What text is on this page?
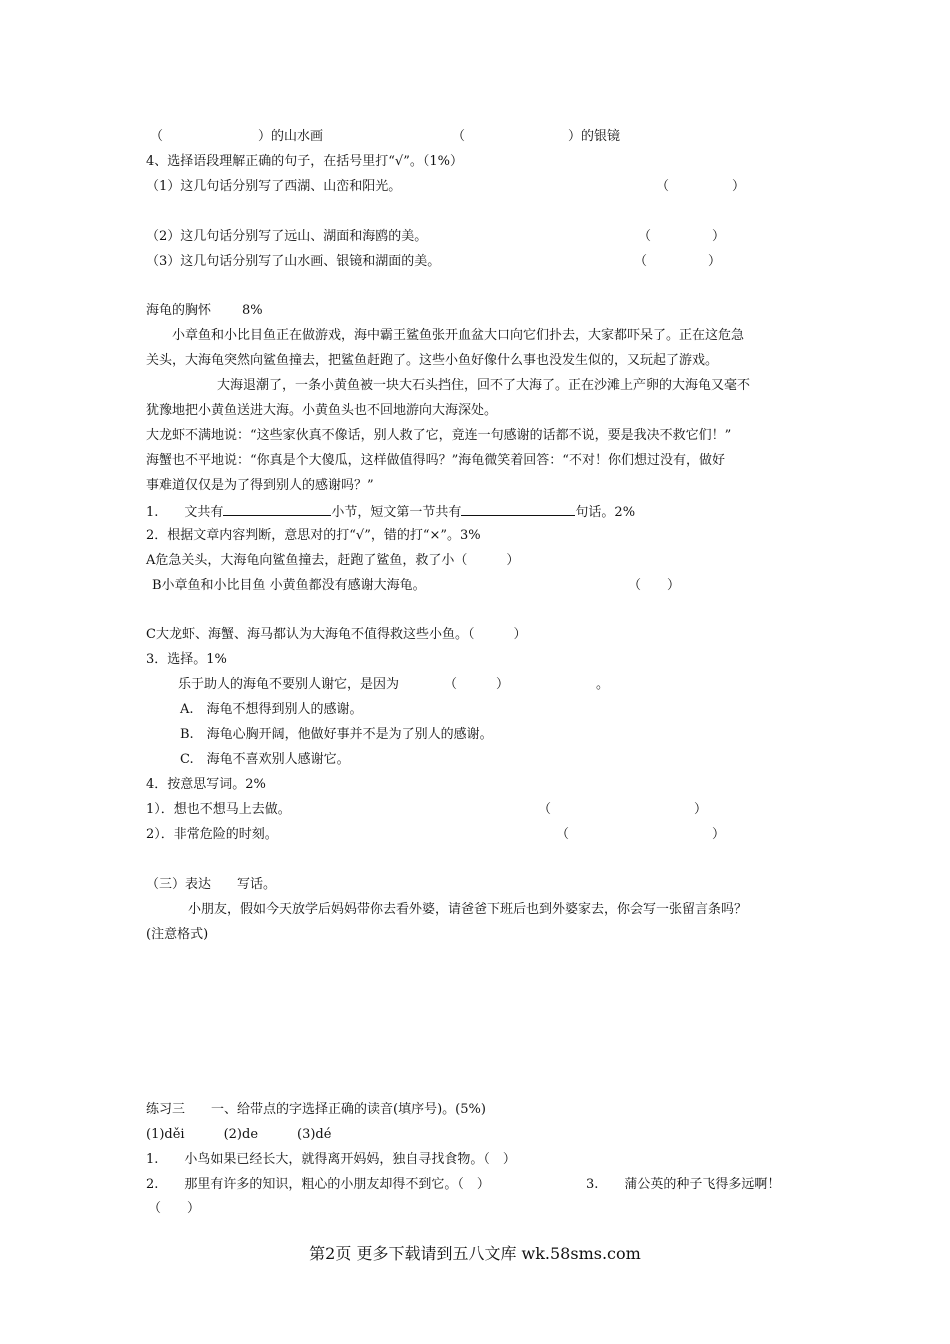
（	）的山水画	（	）的银镜
4、选择语段理解正确的句子，在括号里打“√”。（1%）
（1）这几句话分别写了西湖、山峦和阳光。	（	）
（2）这几句话分别写了远山、湖面和海鸥的美。	（	）
（3）这几句话分别写了山水画、银镜和湖面的美。	（	）
海龟的胸怀 8%
小章鱼和小比目鱼正在做游戏，海中霸王鲨鱼张开血盆大口向它们扑去，大家都吓呆了。正在这危急
关头，大海龟突然向鲨鱼撞去，把鲨鱼赶跑了。这些小鱼好像什么事也没发生似的，又玩起了游戏。
大海退潮了，一条小黄鱼被一块大石头挡住，回不了大海了。正在沙滩上产卵的大海龟又毫不
犹豫地把小黄鱼送进大海。小黄鱼头也不回地游向大海深处。
大龙虾不满地说：“这些家伙真不像话，别人救了它，竟连一句感谢的话都不说，要是我决不救它们！”
海蟹也不平地说：“你真是个大傻瓜，这样做值得吗？”海龟微笑着回答：“不对！你们想过没有，做好
事难道仅仅是为了得到别人的感谢吗？”
1.　　文共有	小节，短文第一节共有	句话。2%
2．根据文章内容判断，意思对的打“√”，错的打“×”。3%
A危急关头，大海龟向鲨鱼撞去，赶跑了鲨鱼，救了小（　　　）
B小章鱼和小比目鱼 小黄鱼都没有感谢大海龟。	（　　）
C大龙虾、海蟹、海马都认为大海龟不值得救这些小鱼。（　　　）
3．选择。1%
乐于助人的海龟不要别人谢它，是因为	（　　　）	。
A.　海龟不想得到别人的感谢。
B.　海龟心胸开阔，他做好事并不是为了别人的感谢。
C.　海龟不喜欢别人感谢它。
4．按意思写词。2%
1）．想也不想马上去做。	（　　　　　　　　　　　）
2）．非常危险的时刻。	（　　　　　　　　　　　）
（三）表达　　写话。
小朋友，假如今天放学后妈妈带你去看外婆，请爸爸下班后也到外婆家去，你会写一张留言条吗？
(注意格式)
练习三　　一、给带点的字选择正确的读音(填序号)。(5%)
(1)děi　　　(2)de　　　(3)dé
1.　　小鸟如果已经长大，就得离开妈妈，独自寻找食物。（　）
2.　　那里有许多的知识，粗心的小朋友却得不到它。（　）	3.　　蒲公英的种子飞得多远啊！
（　　）
第2页 更多下载请到五八文库 wk.58sms.com
